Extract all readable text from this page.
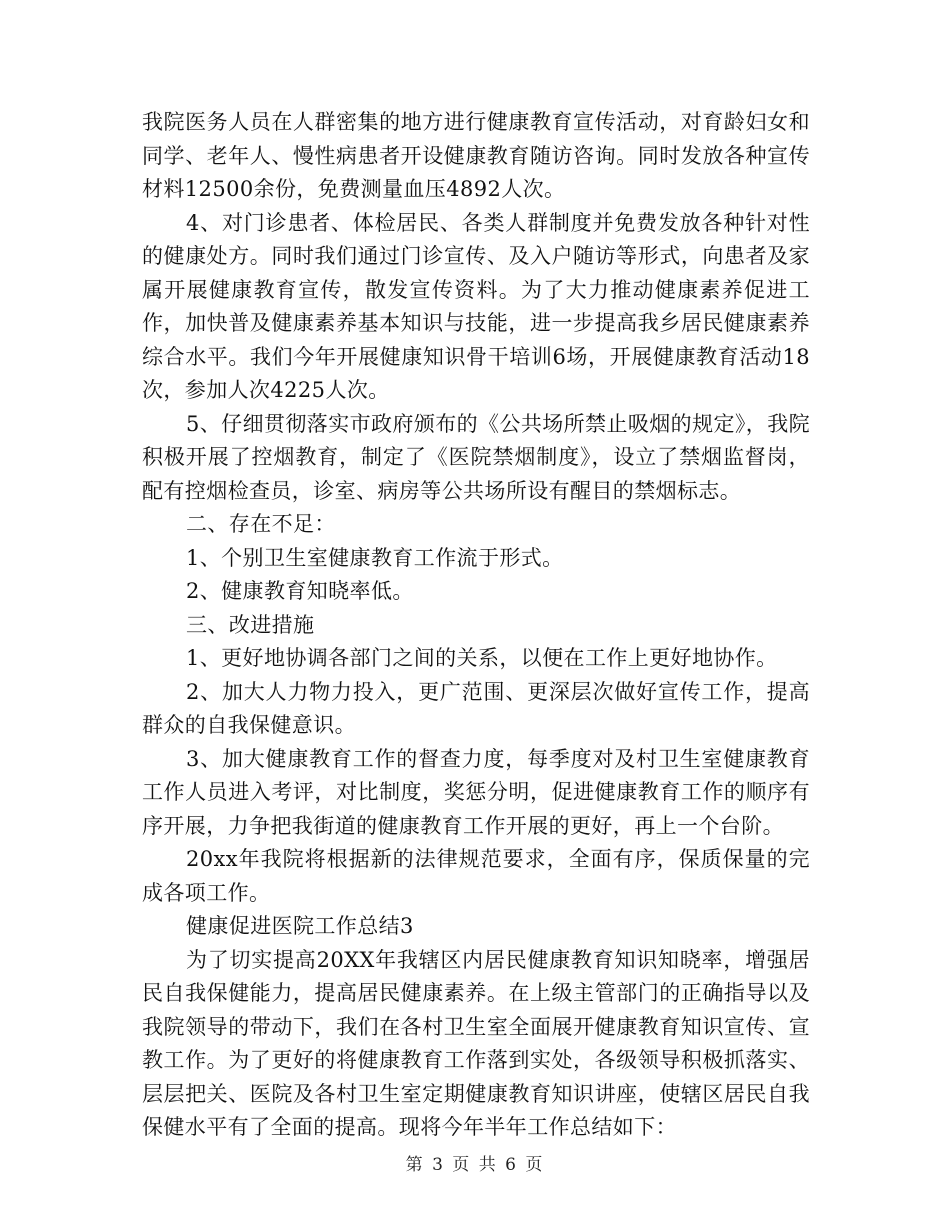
我院医务人员在人群密集的地方进行健康教育宣传活动，对育龄妇女和同学、老年人、慢性病患者开设健康教育随访咨询。同时发放各种宣传材料12500余份，免费测量血压4892人次。

4、对门诊患者、体检居民、各类人群制度并免费发放各种针对性的健康处方。同时我们通过门诊宣传、及入户随访等形式，向患者及家属开展健康教育宣传，散发宣传资料。为了大力推动健康素养促进工作，加快普及健康素养基本知识与技能，进一步提高我乡居民健康素养综合水平。我们今年开展健康知识骨干培训6场，开展健康教育活动18次，参加人次4225人次。

5、仔细贯彻落实市政府颁布的《公共场所禁止吸烟的规定》，我院积极开展了控烟教育，制定了《医院禁烟制度》，设立了禁烟监督岗，配有控烟检查员，诊室、病房等公共场所设有醒目的禁烟标志。

二、存在不足：

1、个别卫生室健康教育工作流于形式。

2、健康教育知晓率低。

三、改进措施

1、更好地协调各部门之间的关系，以便在工作上更好地协作。

2、加大人力物力投入，更广范围、更深层次做好宣传工作，提高群众的自我保健意识。

3、加大健康教育工作的督查力度，每季度对及村卫生室健康教育工作人员进入考评，对比制度，奖惩分明，促进健康教育工作的顺序有序开展，力争把我街道的健康教育工作开展的更好，再上一个台阶。

20xx年我院将根据新的法律规范要求，全面有序，保质保量的完成各项工作。

健康促进医院工作总结3

为了切实提高20XX年我辖区内居民健康教育知识知晓率，增强居民自我保健能力，提高居民健康素养。在上级主管部门的正确指导以及我院领导的带动下，我们在各村卫生室全面展开健康教育知识宣传、宣教工作。为了更好的将健康教育工作落到实处，各级领导积极抓落实、层层把关、医院及各村卫生室定期健康教育知识讲座，使辖区居民自我保健水平有了全面的提高。现将今年半年工作总结如下：

第 3 页 共 6 页
